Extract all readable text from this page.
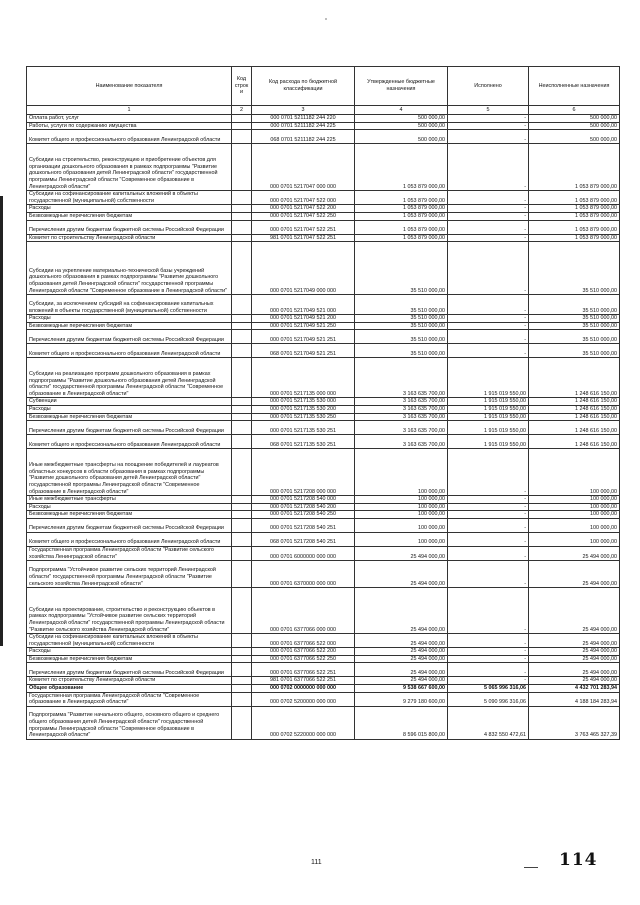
Наименование показателя	Код строк и	Код расхода по бюджетной классификации	Утвержденные бюджетные назначения	Исполнено	Неисполненные назначения
1	2	3	4	5	6
Оплата работ, услуг		000 0701 5211182 244 220	500 000,00	-	500 000,00
Работы, услуги по содержанию имущества		000 0701 5211182 244 225	500 000,00	-	500 000,00
Комитет общего и профессионального образования Ленинградской области		068 0701 5211182 244 225	500 000,00	-	500 000,00
Субсидии на строительство, реконструкцию и приобретение объектов для организации дошкольного образования в рамках подпрограммы "Развитие дошкольного образования детей Ленинградской области" государственной программы Ленинградской области "Современное образование в Ленинградской области"		000 0701 5217047 000 000	1 053 879 000,00	-	1 053 879 000,00
Субсидии на софинансирование капитальных вложений в объекты государственной (муниципальной) собственности		000 0701 5217047 522 000	1 053 879 000,00	-	1 053 879 000,00
Расходы		000 0701 5217047 522 200	1 053 879 000,00	-	1 053 879 000,00
Безвозмездные перечисления бюджетам		000 0701 5217047 522 250	1 053 879 000,00	-	1 053 879 000,00
Перечисления другим бюджетам бюджетной системы Российской Федерации		000 0701 5217047 522 251	1 053 879 000,00	-	1 053 879 000,00
Комитет по строительству Ленинградской области		981 0701 5217047 522 251	1 053 879 000,00	-	1 053 879 000,00
Субсидии на укрепление материально-технической базы учреждений дошкольного образования в рамках подпрограммы "Развитие дошкольного образования детей Ленинградской области" государственной программы Ленинградской области "Современное образование в Ленинградской области"		000 0701 5217049 000 000	35 510 000,00	-	35 510 000,00
Субсидии, за исключением субсидий на софинансирование капитальных вложений в объекты государственной (муниципальной) собственности		000 0701 5217049 521 000	35 510 000,00	-	35 510 000,00
Расходы		000 0701 5217049 521 200	35 510 000,00	-	35 510 000,00
Безвозмездные перечисления бюджетам		000 0701 5217049 521 250	35 510 000,00	-	35 510 000,00
Перечисления другим бюджетам бюджетной системы Российской Федерации		000 0701 5217049 521 251	35 510 000,00	-	35 510 000,00
Комитет общего и профессионального образования Ленинградской области		068 0701 5217049 521 251	35 510 000,00	-	35 510 000,00
Субсидии на реализацию программ дошкольного образования в рамках подпрограммы "Развитие дошкольного образования детей Ленинградской области" государственной программы Ленинградской области "Современное образование в Ленинградской области"		000 0701 5217135 000 000	3 163 635 700,00	1 915 019 550,00	1 248 616 150,00
Субвенции		000 0701 5217135 530 000	3 163 635 700,00	1 915 019 550,00	1 248 616 150,00
Расходы		000 0701 5217135 530 200	3 163 635 700,00	1 915 019 550,00	1 248 616 150,00
Безвозмездные перечисления бюджетам		000 0701 5217135 530 250	3 163 635 700,00	1 915 019 550,00	1 248 616 150,00
Перечисления другим бюджетам бюджетной системы Российской Федерации		000 0701 5217135 530 251	3 163 635 700,00	1 915 019 550,00	1 248 616 150,00
Комитет общего и профессионального образования Ленинградской области		068 0701 5217135 530 251	3 163 635 700,00	1 915 019 550,00	1 248 616 150,00
Иные межбюджетные трансферты на поощрение победителей и лауреатов областных конкурсов в области образования в рамках подпрограммы "Развитие дошкольного образования детей Ленинградской области" государственной программы Ленинградской области "Современное образование в Ленинградской области"		000 0701 5217208 000 000	100 000,00	-	100 000,00
Иные межбюджетные трансферты		000 0701 5217208 540 000	100 000,00	-	100 000,00
Расходы		000 0701 5217208 540 200	100 000,00	-	100 000,00
Безвозмездные перечисления бюджетам		000 0701 5217208 540 250	100 000,00	-	100 000,00
Перечисления другим бюджетам бюджетной системы Российской Федерации		000 0701 5217208 540 251	100 000,00	-	100 000,00
Комитет общего и профессионального образования Ленинградской области		068 0701 5217208 540 251	100 000,00	-	100 000,00
Государственная программа Ленинградской области "Развитие сельского хозяйства Ленинградской области"		000 0701 6000000 000 000	25 494 000,00	-	25 494 000,00
Подпрограмма "Устойчивое развитие сельских территорий Ленинградской области" государственной программы Ленинградской области "Развитие сельского хозяйства Ленинградской области"		000 0701 6370000 000 000	25 494 000,00	-	25 494 000,00
Субсидии на проектирование, строительство и реконструкцию объектов в рамках подпрограммы "Устойчивое развитие сельских территорий Ленинградской области" государственной программы Ленинградской области "Развитие сельского хозяйства Ленинградской области"		000 0701 6377066 000 000	25 494 000,00	-	25 494 000,00
Субсидии на софинансирование капитальных вложений в объекты государственной (муниципальной) собственности		000 0701 6377066 522 000	25 494 000,00	-	25 494 000,00
Расходы		000 0701 6377066 522 200	25 494 000,00	-	25 494 000,00
Безвозмездные перечисления бюджетам		000 0701 6377066 522 250	25 494 000,00	-	25 494 000,00
Перечисления другим бюджетам бюджетной системы Российской Федерации		000 0701 6377066 522 251	25 494 000,00	-	25 494 000,00
Комитет по строительству Ленинградской области		981 0701 6377066 522 251	25 494 000,00	-	25 494 000,00
Общее образование		000 0702 0000000 000 000	9 538 667 600,00	5 065 996 316,06	4 432 701 283,94
Государственная программа Ленинградской области "Современное образование в Ленинградской области"		000 0702 5200000 000 000	9 279 180 600,00	5 090 996 316,06	4 188 184 283,94
Подпрограмма "Развитие начального общего, основного общего и среднего общего образования детей Ленинградской области" государственной программы Ленинградской области "Современное образование в Ленинградской области"		000 0702 5220000 000 000	8 596 015 800,00	4 832 550 472,61	3 763 465 327,39
111	114
